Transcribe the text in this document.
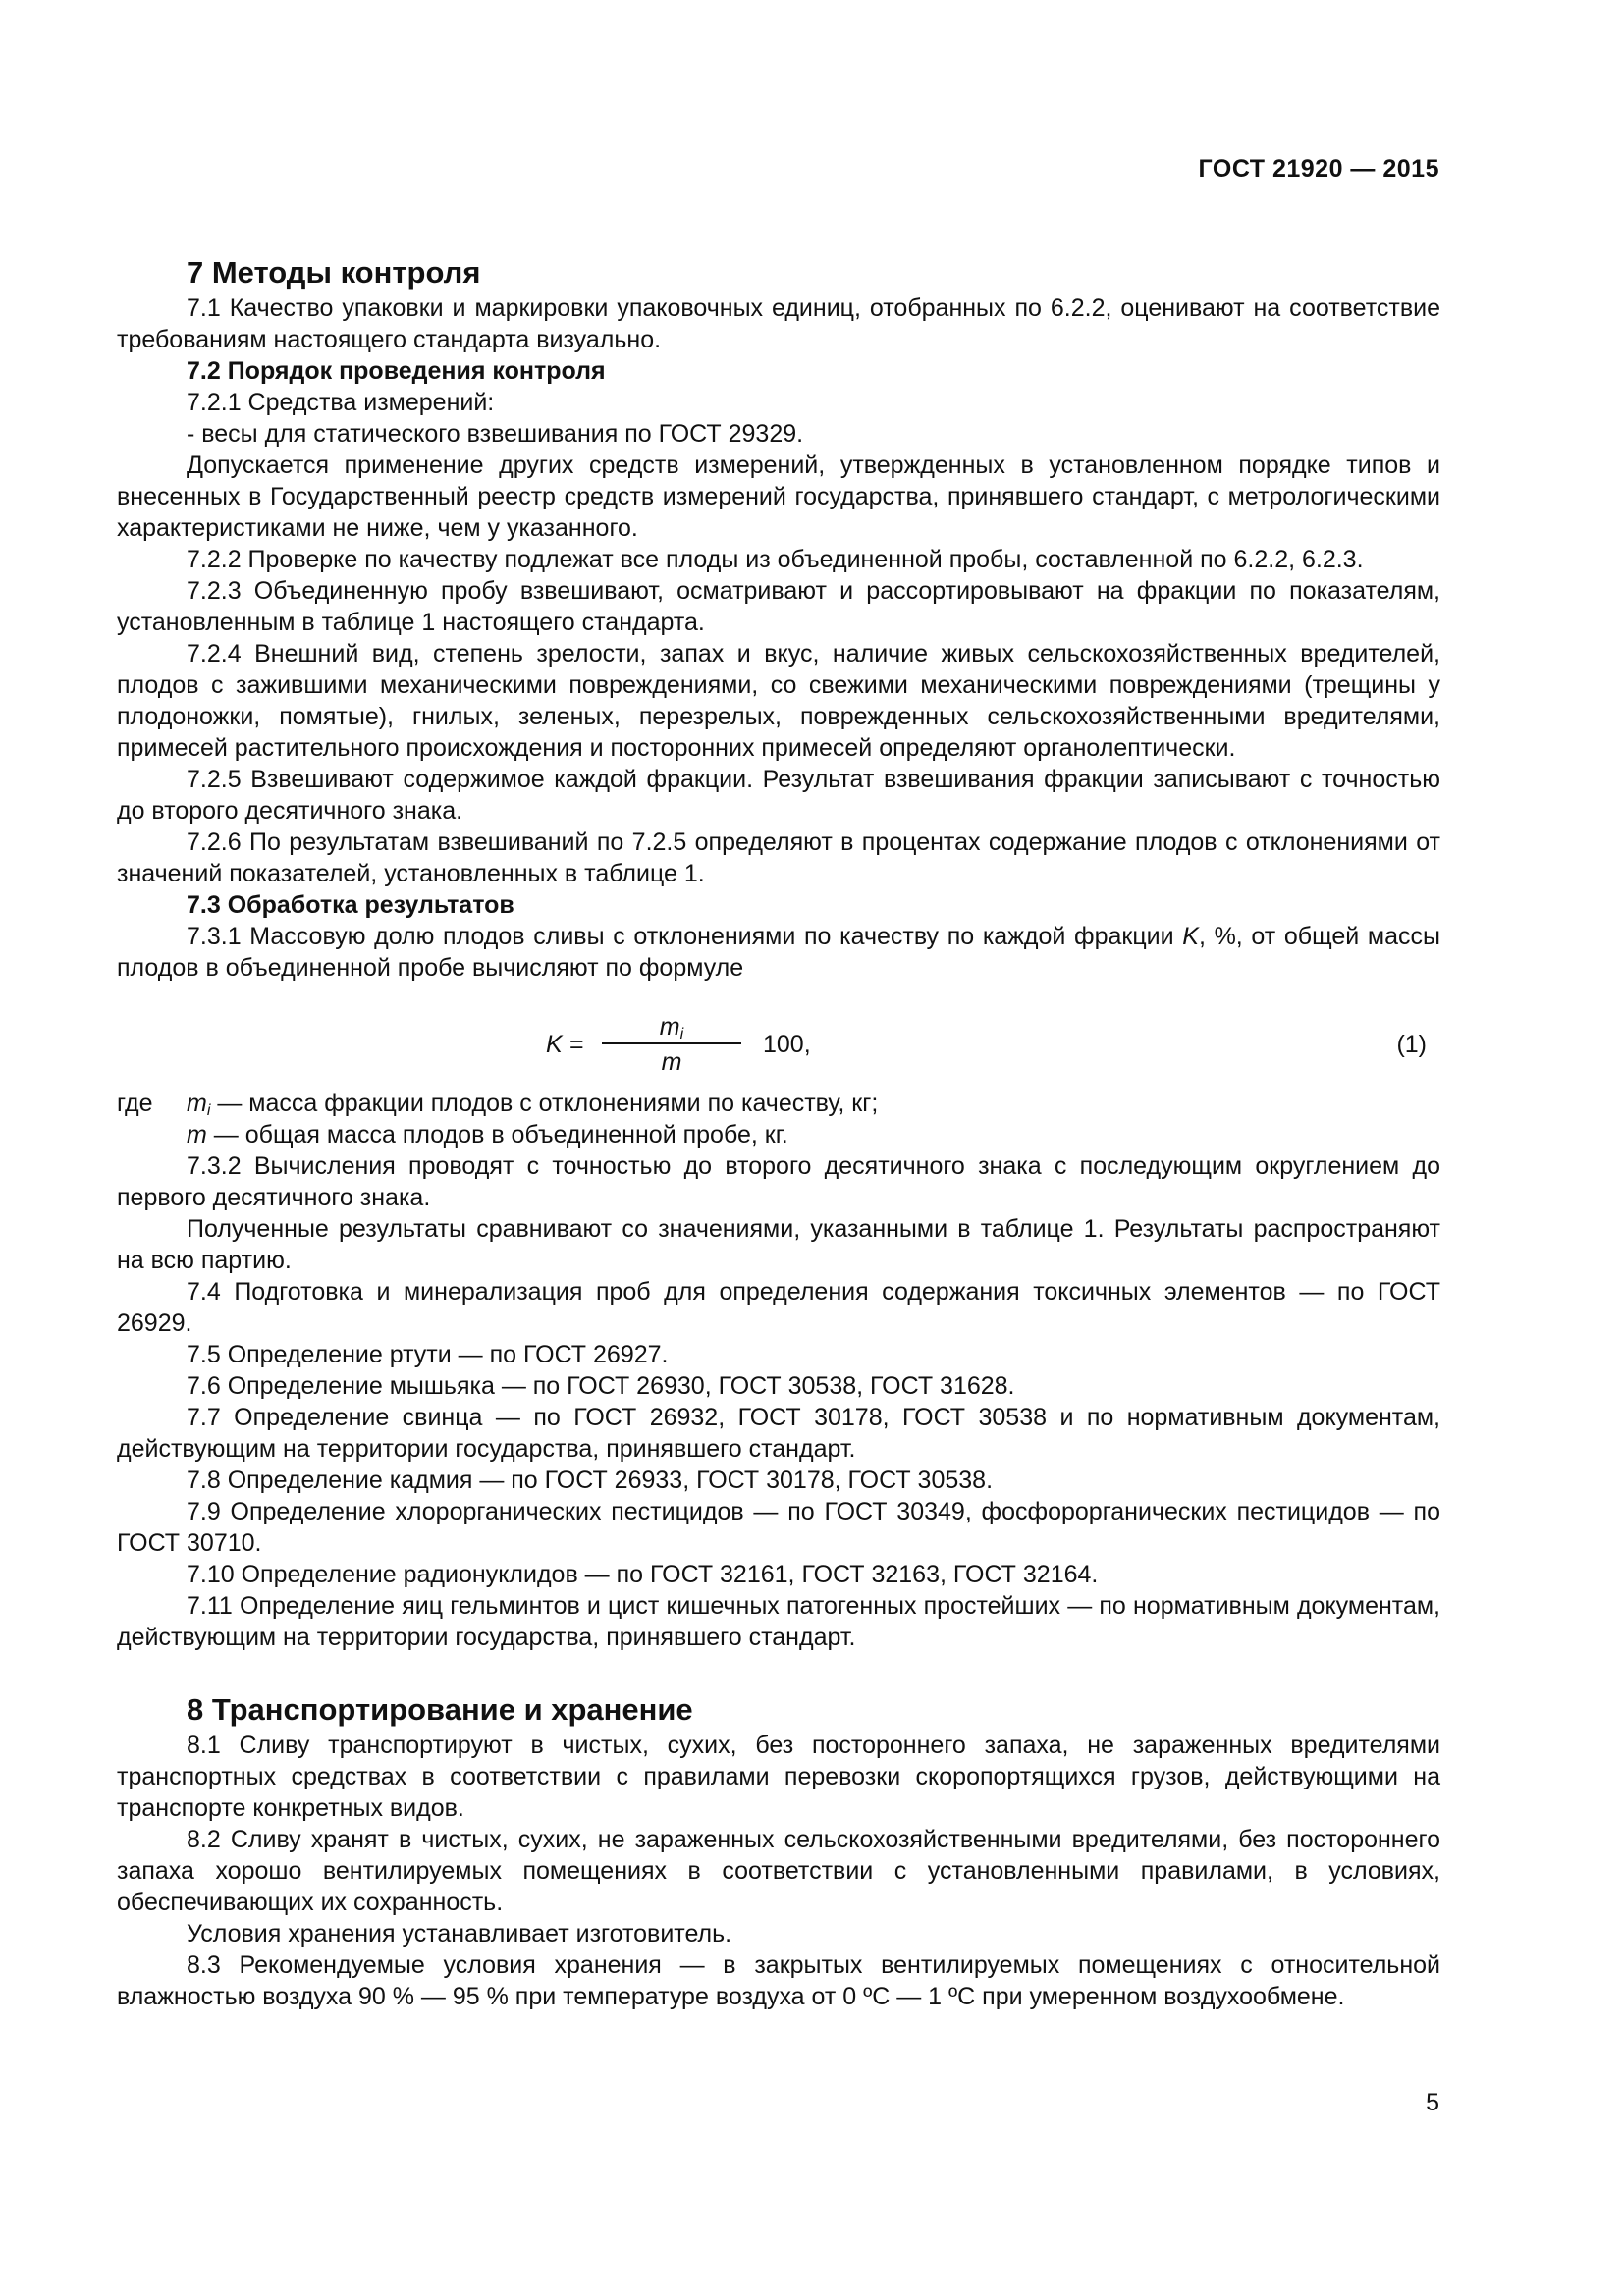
ГОСТ 21920 — 2015
7 Методы контроля

7.1 Качество упаковки и маркировки упаковочных единиц, отобранных по 6.2.2, оценивают на соответствие требованиям настоящего стандарта визуально.

7.2 Порядок проведения контроля

7.2.1 Средства измерений:

- весы для статического взвешивания по ГОСТ 29329.

Допускается применение других средств измерений, утвержденных в установленном порядке типов и внесенных в Государственный реестр средств измерений государства, принявшего стандарт, с метрологическими характеристиками не ниже, чем у указанного.

7.2.2 Проверке по качеству подлежат все плоды из объединенной пробы, составленной по 6.2.2, 6.2.3.

7.2.3 Объединенную пробу взвешивают, осматривают и рассортировывают на фракции по показателям, установленным в таблице 1 настоящего стандарта.

7.2.4 Внешний вид, степень зрелости, запах и вкус, наличие живых сельскохозяйственных вредителей, плодов с зажившими механическими повреждениями, со свежими механическими повреждениями (трещины у плодоножки, помятые), гнилых, зеленых, перезрелых, поврежденных сельскохозяйственными вредителями, примесей растительного происхождения и посторонних примесей определяют органолептически.

7.2.5 Взвешивают содержимое каждой фракции. Результат взвешивания фракции записывают с точностью до второго десятичного знака.

7.2.6 По результатам взвешиваний по 7.2.5 определяют в процентах содержание плодов с отклонениями от значений показателей, установленных в таблице 1.

7.3 Обработка результатов

7.3.1 Массовую долю плодов сливы с отклонениями по качеству по каждой фракции K, %, от общей массы плодов в объединенной пробе вычисляют по формуле

K =
$m_i$
m
100,	(1)
где $m_i$ — масса фракции плодов с отклонениями по качеству, кг;
m — общая масса плодов в объединенной пробе, кг.

7.3.2 Вычисления проводят с точностью до второго десятичного знака с последующим округлением до первого десятичного знака.

Полученные результаты сравнивают со значениями, указанными в таблице 1. Результаты распространяют на всю партию.

7.4 Подготовка и минерализация проб для определения содержания токсичных элементов — по ГОСТ 26929.

7.5 Определение ртути — по ГОСТ 26927.

7.6 Определение мышьяка — по ГОСТ 26930, ГОСТ 30538, ГОСТ 31628.

7.7 Определение свинца — по ГОСТ 26932, ГОСТ 30178, ГОСТ 30538 и по нормативным документам, действующим на территории государства, принявшего стандарт.

7.8 Определение кадмия — по ГОСТ 26933, ГОСТ 30178, ГОСТ 30538.

7.9 Определение хлорорганических пестицидов — по ГОСТ 30349, фосфорорганических пестицидов — по ГОСТ 30710.

7.10 Определение радионуклидов — по ГОСТ 32161, ГОСТ 32163, ГОСТ 32164.

7.11 Определение яиц гельминтов и цист кишечных патогенных простейших — по нормативным документам, действующим на территории государства, принявшего стандарт.

8 Транспортирование и хранение

8.1 Сливу транспортируют в чистых, сухих, без постороннего запаха, не зараженных вредителями транспортных средствах в соответствии с правилами перевозки скоропортящихся грузов, действующими на транспорте конкретных видов.

8.2 Сливу хранят в чистых, сухих, не зараженных сельскохозяйственными вредителями, без постороннего запаха хорошо вентилируемых помещениях в соответствии с установленными правилами, в условиях, обеспечивающих их сохранность.

Условия хранения устанавливает изготовитель.

8.3 Рекомендуемые условия хранения — в закрытых вентилируемых помещениях с относительной влажностью воздуха 90 % — 95 % при температуре воздуха от 0 ºC — 1 ºC при умеренном воздухообмене.

5
